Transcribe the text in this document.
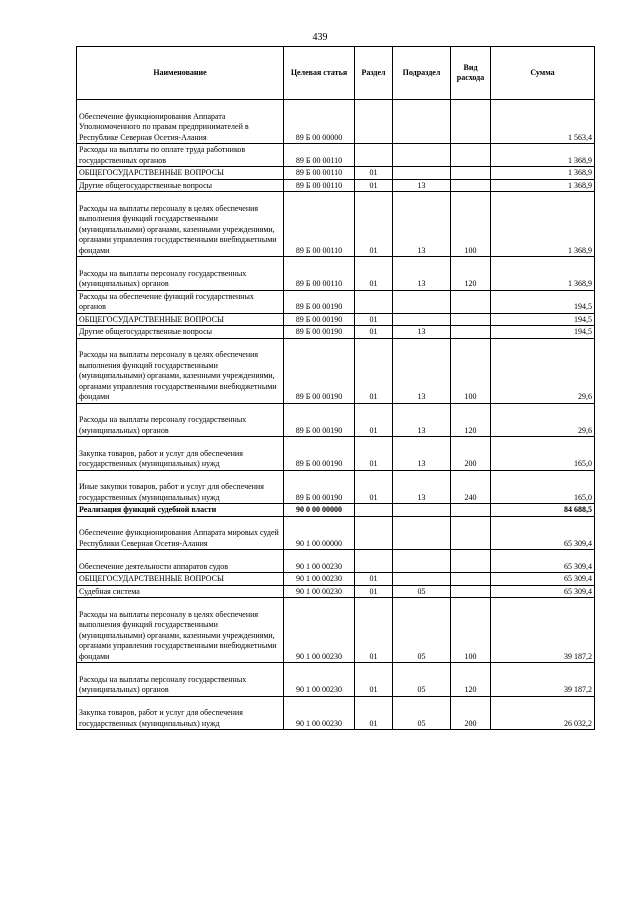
439
Наименование	Целевая статья	Раздел	Подраздел	Вид расхода	Сумма
Обеспечение функционирования Аппарата Уполномоченного по правам предпринимателей в Республике Северная Осетия-Алания	89 Б 00 00000				1 563,4
Расходы на выплаты по оплате труда работников государственных органов	89 Б 00 00110				1 368,9
ОБЩЕГОСУДАРСТВЕННЫЕ ВОПРОСЫ	89 Б 00 00110	01			1 368,9
Другие общегосударственные вопросы	89 Б 00 00110	01	13		1 368,9
Расходы на выплаты персоналу в целях обеспечения выполнения функций государственными (муниципальными) органами, казенными учреждениями, органами управления государственными внебюджетными фондами	89 Б 00 00110	01	13	100	1 368,9
Расходы на выплаты персоналу государственных (муниципальных) органов	89 Б 00 00110	01	13	120	1 368,9
Расходы на обеспечение функций государственных органов	89 Б 00 00190				194,5
ОБЩЕГОСУДАРСТВЕННЫЕ ВОПРОСЫ	89 Б 00 00190	01			194,5
Другие общегосударственные вопросы	89 Б 00 00190	01	13		194,5
Расходы на выплаты персоналу в целях обеспечения выполнения функций государственными (муниципальными) органами, казенными учреждениями, органами управления государственными внебюджетными фондами	89 Б 00 00190	01	13	100	29,6
Расходы на выплаты персоналу государственных (муниципальных) органов	89 Б 00 00190	01	13	120	29,6
Закупка товаров, работ и услуг для обеспечения государственных (муниципальных) нужд	89 Б 00 00190	01	13	200	165,0
Иные закупки товаров, работ и услуг для обеспечения государственных (муниципальных) нужд	89 Б 00 00190	01	13	240	165,0
Реализация функций судебной власти	90 0 00 00000				84 688,5
Обеспечение функционирования Аппарата мировых судей Республики Северная Осетия-Алания	90 1 00 00000				65 309,4
Обеспечение деятельности аппаратов судов	90 1 00 00230				65 309,4
ОБЩЕГОСУДАРСТВЕННЫЕ ВОПРОСЫ	90 1 00 00230	01			65 309,4
Судебная система	90 1 00 00230	01	05		65 309,4
Расходы на выплаты персоналу в целях обеспечения выполнения функций государственными (муниципальными) органами, казенными учреждениями, органами управления государственными внебюджетными фондами	90 1 00 00230	01	05	100	39 187,2
Расходы на выплаты персоналу государственных (муниципальных) органов	90 1 00 00230	01	05	120	39 187,2
Закупка товаров, работ и услуг для обеспечения государственных (муниципальных) нужд	90 1 00 00230	01	05	200	26 032,2
